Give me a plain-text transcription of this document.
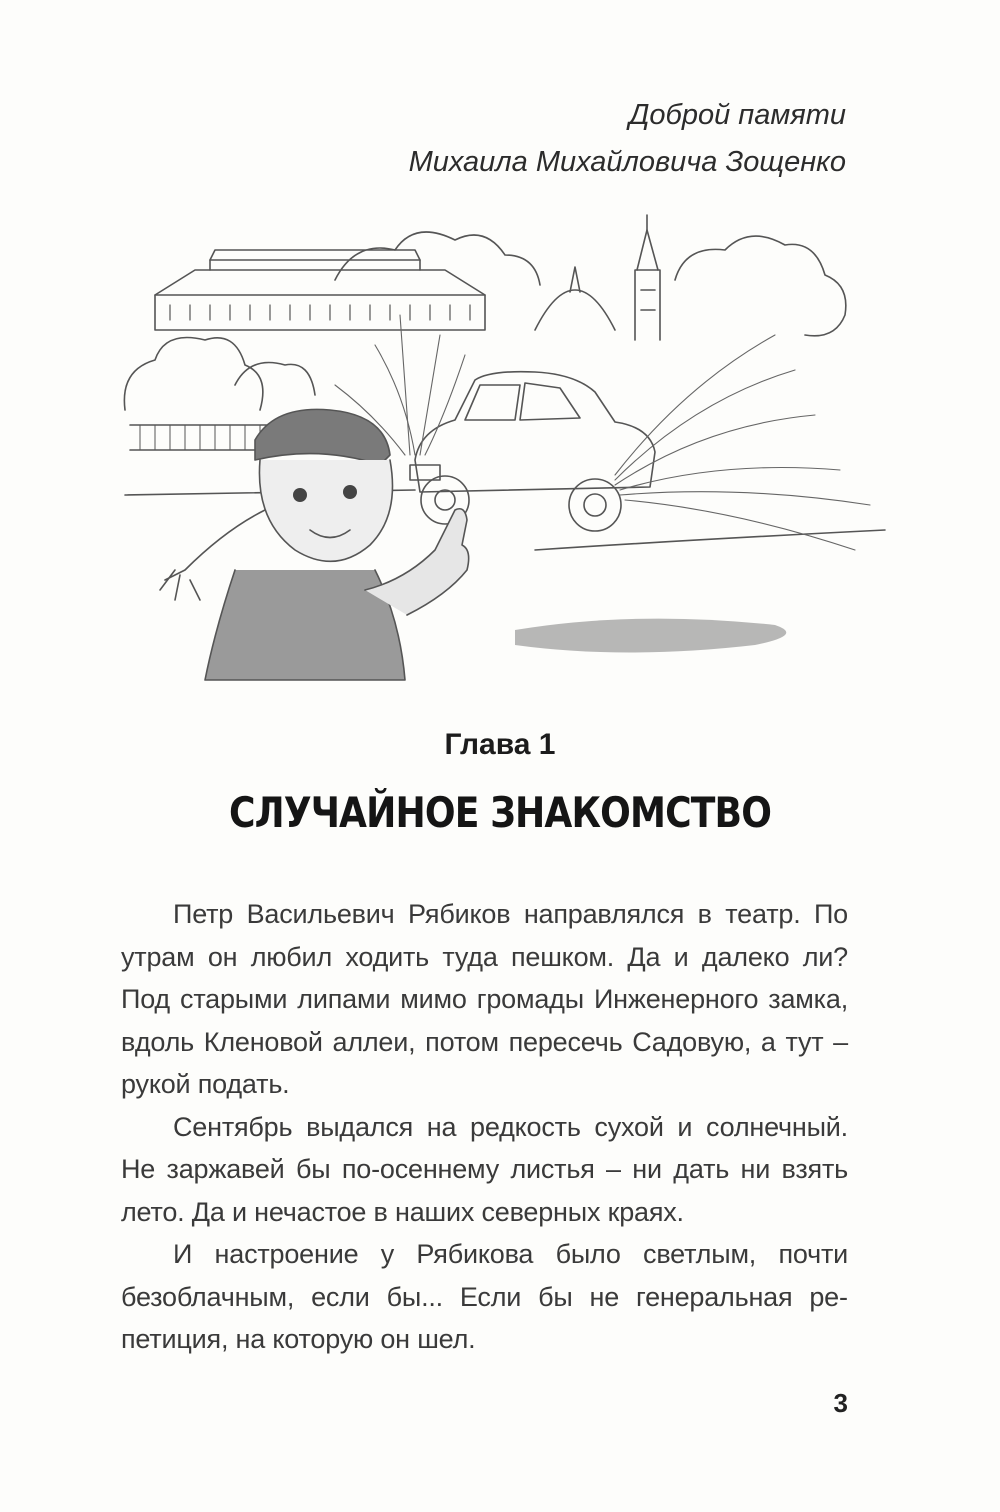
Доброй памяти
Михаила Михайловича Зощенко
Глава 1
СЛУЧАЙНОЕ ЗНАКОМСТВО

Петр Васильевич Рябиков направлялся в театр. По утрам он любил ходить туда пешком. Да и далеко ли? Под старыми липами мимо громады Инженерного замка, вдоль Кленовой аллеи, потом пересечь Садовую, а тут – рукой подать.

Сентябрь выдался на редкость сухой и солнечный. Не заржавей бы по-осеннему листья – ни дать ни взять лето. Да и нечастое в наших северных краях.

И настроение у Рябикова было светлым, почти безоблачным, если бы... Если бы не генеральная репетиция, на которую он шел.

3
